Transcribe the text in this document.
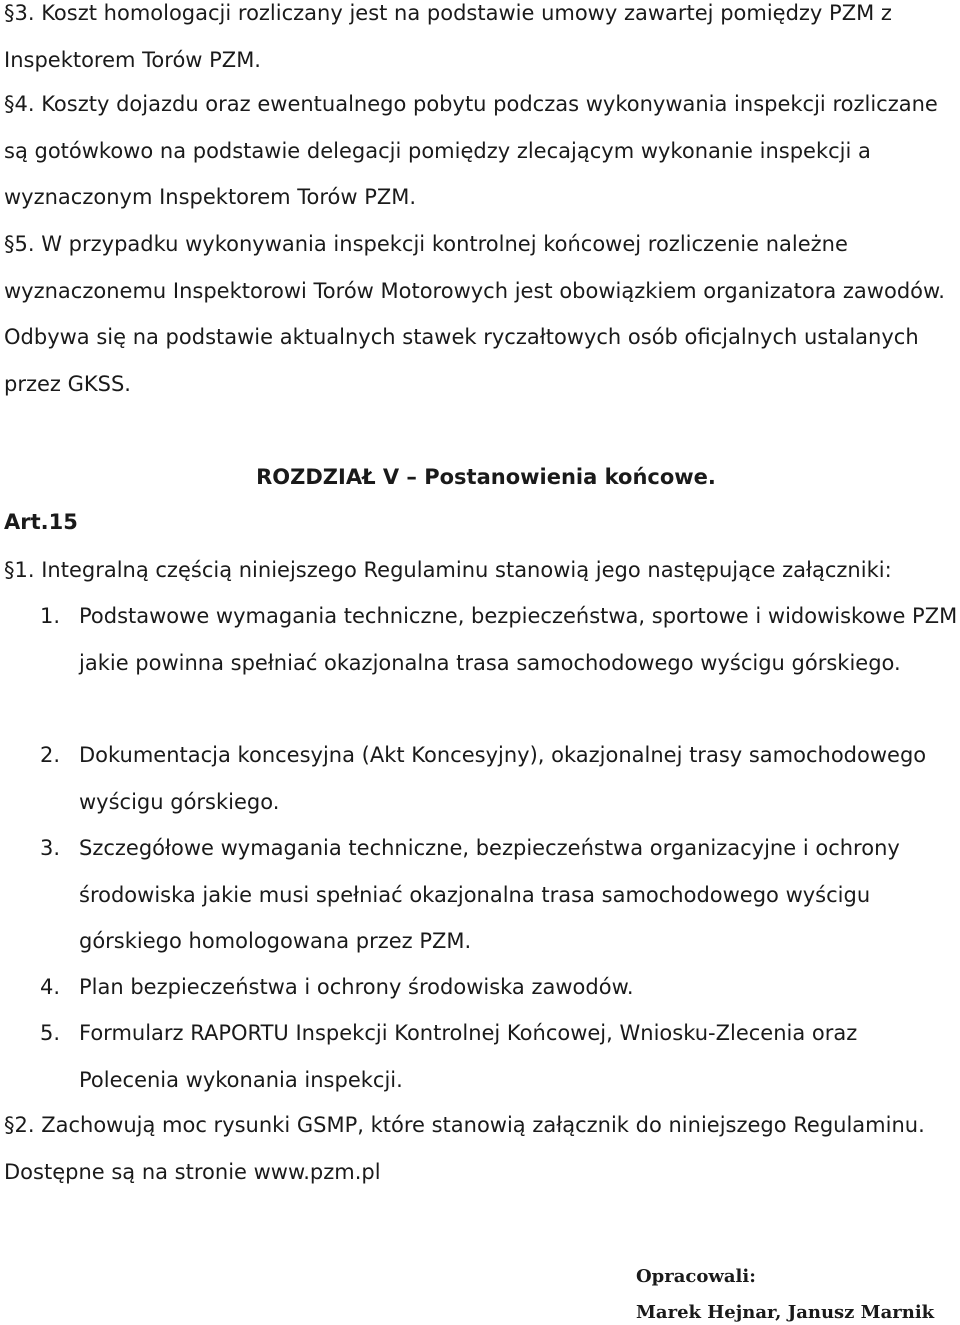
§3. Koszt homologacji rozliczany jest na podstawie umowy zawartej pomiędzy PZM z Inspektorem Torów PZM.

§4. Koszty dojazdu oraz ewentualnego pobytu podczas wykonywania inspekcji rozliczane są gotówkowo na podstawie delegacji pomiędzy zlecającym wykonanie inspekcji a wyznaczonym Inspektorem Torów PZM.

§5. W przypadku wykonywania inspekcji kontrolnej końcowej rozliczenie należne wyznaczonemu Inspektorowi Torów Motorowych jest obowiązkiem organizatora zawodów. Odbywa się na podstawie aktualnych stawek ryczałtowych osób oficjalnych ustalanych przez GKSS.

ROZDZIAŁ V – Postanowienia końcowe.

Art.15

§1. Integralną częścią niniejszego Regulaminu stanowią jego następujące załączniki:

1. Podstawowe wymagania techniczne, bezpieczeństwa, sportowe i widowiskowe PZM jakie powinna spełniać okazjonalna trasa samochodowego wyścigu górskiego.
2. Dokumentacja koncesyjna (Akt Koncesyjny), okazjonalnej trasy samochodowego wyścigu górskiego.
3. Szczegółowe wymagania techniczne, bezpieczeństwa organizacyjne i ochrony środowiska jakie musi spełniać okazjonalna trasa samochodowego wyścigu górskiego homologowana przez PZM.
4. Plan bezpieczeństwa i ochrony środowiska zawodów.
5. Formularz RAPORTU Inspekcji Kontrolnej Końcowej, Wniosku-Zlecenia oraz Polecenia wykonania inspekcji.

§2. Zachowują moc rysunki GSMP, które stanowią załącznik do niniejszego Regulaminu. Dostępne są na stronie www.pzm.pl

Opracowali:

Marek Hejnar, Janusz Marnik
